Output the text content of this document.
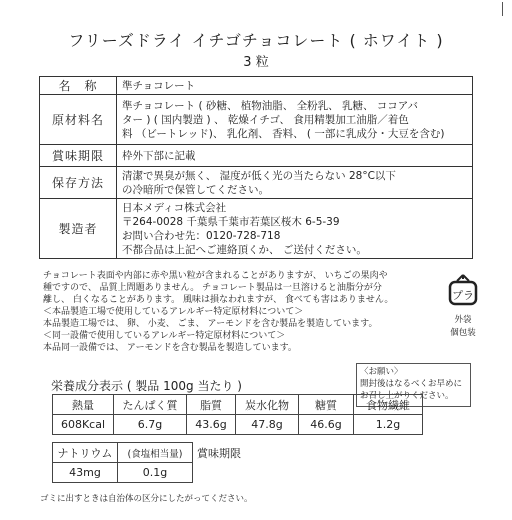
フリーズドライ イチゴチョコレート ( ホワイト )
3 粒
名　称	準チョコレート

原材料名	準チョコレート ( 砂糖、 植物油脂、 全粉乳、 乳糖、 ココアバ
ター ) ( 国内製造 ) 、 乾燥イチゴ、 食用精製加工油脂／着色
料 （ビートレッド)、 乳化剤、 香料、 ( 一部に乳成分・大豆を含む)

賞味期限	枠外下部に記載

保存方法	清潔で異臭が無く、 湿度が低く光の当たらない 28°C以下
の冷暗所で保管してください。

製造者	日本メディコ株式会社
〒264-0028 千葉県千葉市若葉区桜木 6-5-39
お問い合わせ先：0120-728-718
不都合品は上記へご連絡頂くか、 ご送付ください。
チョコレート表面や内部に赤や黒い粒が含まれることがありますが、 いちごの果肉や
種ですので、 品質上問題ありません。 チョコレート製品は一旦溶けると油脂分が分
離し、 白くなることがあります。 風味は損なわれますが、 食べても害はありません。
＜本品製造工場で使用しているアレルギー特定原材料について＞
本品製造工場では、 卵、 小麦、 ごま、 アーモンドを含む製品を製造しています。
＜同一設備で使用しているアレルギー特定原材料について＞
本品同一設備では、 アーモンドを含む製品を製造しています。
プラ
外袋
個包装
栄養成分表示 ( 製品 100g 当たり )
〈お願い〉
開封後はなるべくお早めに
お召し上がりください。
熱量	たんぱく質	脂質	炭水化物	糖質	食物繊維
608Kcal	6.7g	43.6g	47.8g	46.6g	1.2g
ナトリウム	(食塩相当量)	賞味期限
43mg	0.1g	
ゴミに出すときは自治体の区分にしたがってください。
